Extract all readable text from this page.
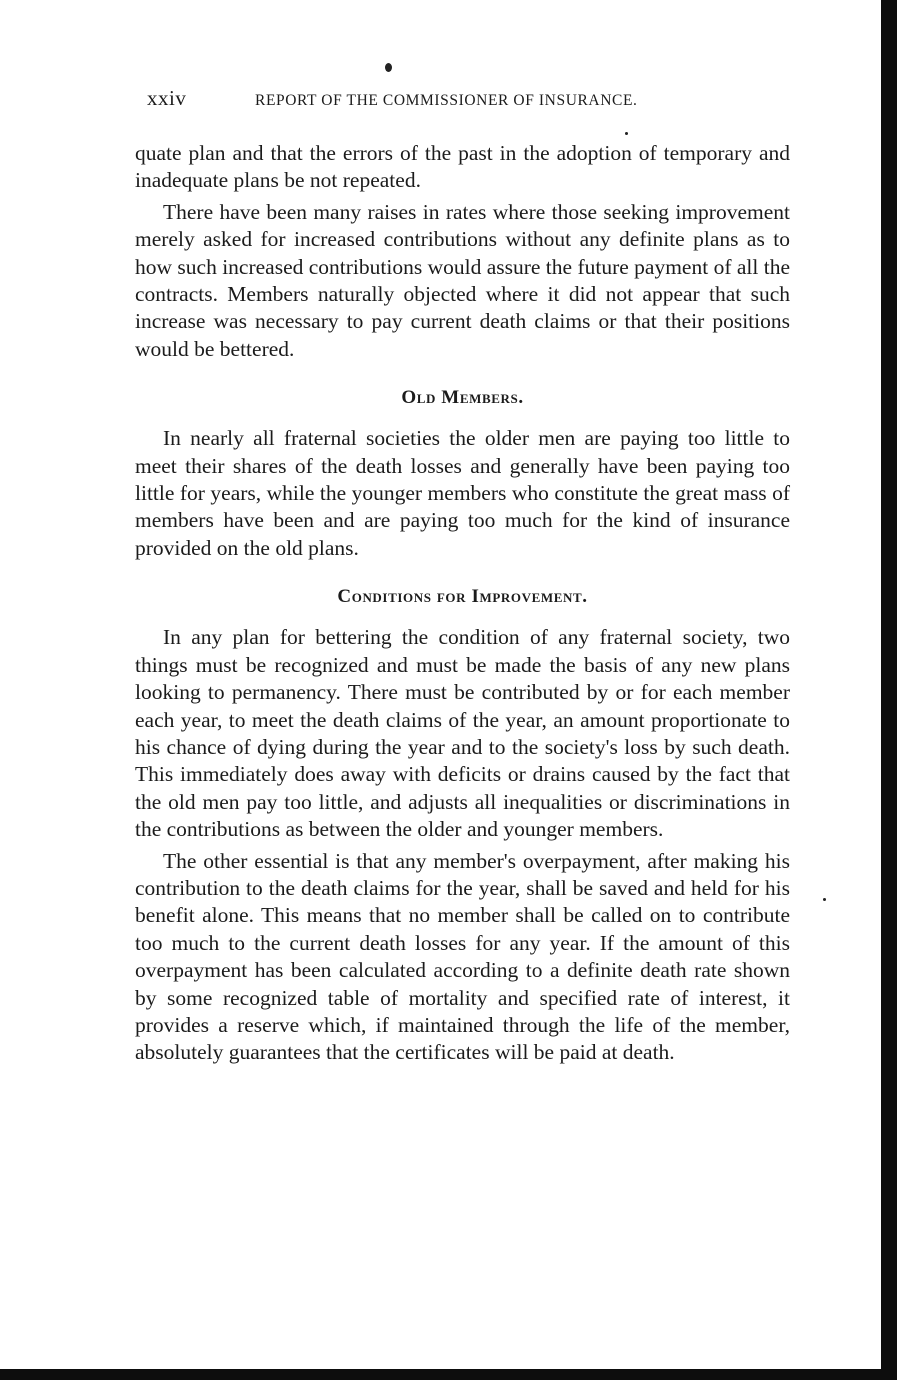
xxiv	REPORT OF THE COMMISSIONER OF INSURANCE.

quate plan and that the errors of the past in the adoption of temporary and inadequate plans be not repeated.

There have been many raises in rates where those seeking improvement merely asked for increased contributions without any definite plans as to how such increased contributions would assure the future payment of all the contracts. Members naturally objected where it did not appear that such increase was necessary to pay current death claims or that their positions would be bettered.

Old Members.

In nearly all fraternal societies the older men are paying too little to meet their shares of the death losses and generally have been paying too little for years, while the younger members who constitute the great mass of members have been and are paying too much for the kind of insurance provided on the old plans.

Conditions for Improvement.

In any plan for bettering the condition of any fraternal society, two things must be recognized and must be made the basis of any new plans looking to permanency. There must be contributed by or for each member each year, to meet the death claims of the year, an amount proportionate to his chance of dying during the year and to the society's loss by such death. This immediately does away with deficits or drains caused by the fact that the old men pay too little, and adjusts all inequalities or discriminations in the contributions as between the older and younger members.

The other essential is that any member's overpayment, after making his contribution to the death claims for the year, shall be saved and held for his benefit alone. This means that no member shall be called on to contribute too much to the current death losses for any year. If the amount of this overpayment has been calculated according to a definite death rate shown by some recognized table of mortality and specified rate of interest, it provides a reserve which, if maintained through the life of the member, absolutely guarantees that the certificates will be paid at death.
